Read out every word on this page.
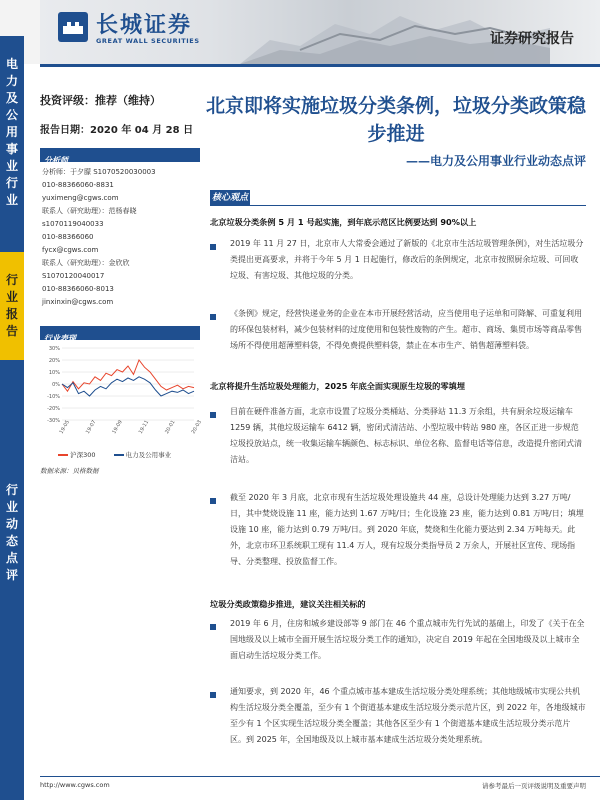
长城证券
GREAT WALL SECURITIES	证券研究报告
电
力
及
公
用
事
业
行
业
行
业
报
告
行
业
动
态
点
评
投资评级：推荐（维持）
报告日期：2020 年 04 月 28 日
分析师
分析师：于夕朦 S1070520030003
010-88366060-8831
yuximeng@cgws.com
联系人（研究助理）：范杨春晓
s1070119040033
010-88366060
fycx@cgws.com
联系人（研究助理）：金欣欣
S1070120040017
010-88366060-8013
jinxinxin@cgws.com
行业表现
-30%
-20%
-10%
0%
10%
20%
30%
19-05	19-07	19-09	19-11	20-01	20-03
沪深300	电力及公用事业
数据来源：贝格数据
北京即将实施垃圾分类条例，垃圾分类政策稳步推进
——电力及公用事业行业动态点评
核心观点
北京垃圾分类条例 5 月 1 号起实施，到年底示范区比例要达到 90%以上
2019 年 11 月 27 日，北京市人大常委会通过了新版的《北京市生活垃圾管理条例》，对生活垃圾分类提出更高要求，并将于今年 5 月 1 日起施行，修改后的条例规定，北京市按照厨余垃圾、可回收垃圾、有害垃圾、其他垃圾的分类。
《条例》规定，经营快递业务的企业在本市开展经营活动，应当使用电子运单和可降解、可重复利用的环保包装材料，减少包装材料的过度使用和包装性废物的产生。超市、商场、集贸市场等商品零售场所不得使用超薄塑料袋，不得免费提供塑料袋，禁止在本市生产、销售超薄塑料袋。
北京将提升生活垃圾处理能力，2025 年底全面实现原生垃圾的零填埋
目前在硬件准备方面，北京市设置了垃圾分类桶站、分类驿站 11.3 万余组，共有厨余垃圾运输车 1259 辆，其他垃圾运输车 6412 辆，密闭式清洁站、小型垃圾中转站 980 座，各区正进一步规范垃圾投放站点，统一收集运输车辆颜色、标志标识、单位名称、监督电话等信息，改造提升密闭式清洁站。
截至 2020 年 3 月底，北京市现有生活垃圾处理设施共 44 座，总设计处理能力达到 3.27 万吨/日，其中焚烧设施 11 座，能力达到 1.67 万吨/日；生化设施 23 座，能力达到 0.81 万吨/日；填埋设施 10 座，能力达到 0.79 万吨/日。到 2020 年底，焚烧和生化能力要达到 2.34 万吨每天。此外，北京市环卫系统职工现有 11.4 万人，现有垃圾分类指导员 2 万余人，开展社区宣传、现场指导、分类整理、投放监督工作。
垃圾分类政策稳步推进，建议关注相关标的
2019 年 6 月，住房和城乡建设部等 9 部门在 46 个重点城市先行先试的基础上，印发了《关于在全国地级及以上城市全面开展生活垃圾分类工作的通知》，决定自 2019 年起在全国地级及以上城市全面启动生活垃圾分类工作。
通知要求，到 2020 年，46 个重点城市基本建成生活垃圾分类处理系统；其他地级城市实现公共机构生活垃圾分类全覆盖，至少有 1 个街道基本建成生活垃圾分类示范片区，到 2022 年，各地级城市至少有 1 个区实现生活垃圾分类全覆盖；其他各区至少有 1 个街道基本建成生活垃圾分类示范片区。到 2025 年，全国地级及以上城市基本建成生活垃圾分类处理系统。
http://www.cgws.com	请参考最后一页评级说明及重要声明
